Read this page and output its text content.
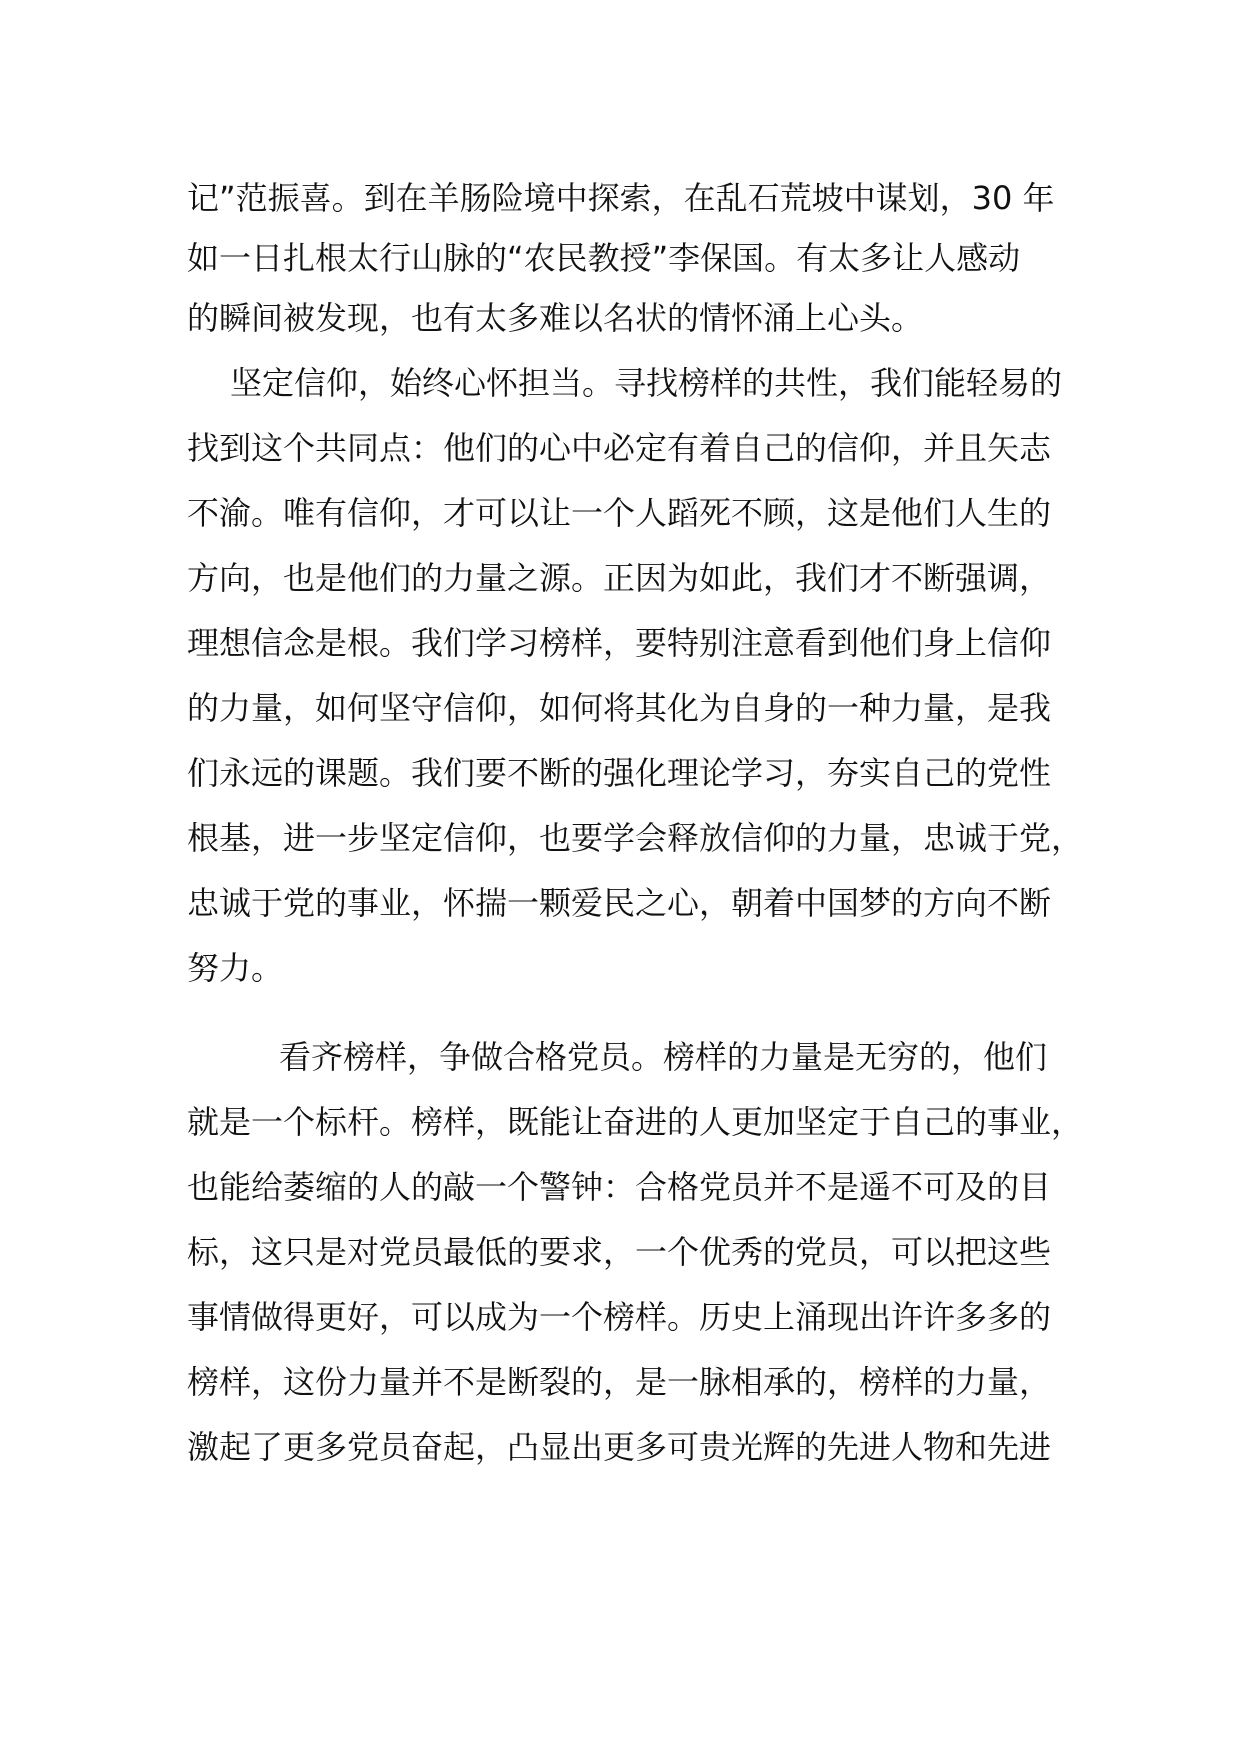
记”范振喜。到在羊肠险境中探索，在乱石荒坡中谋划，30 年
如一日扎根太行山脉的“农民教授”李保国。有太多让人感动
的瞬间被发现，也有太多难以名状的情怀涌上心头。
坚定信仰，始终心怀担当。寻找榜样的共性，我们能轻易的
找到这个共同点：他们的心中必定有着自己的信仰，并且矢志
不渝。唯有信仰，才可以让一个人蹈死不顾，这是他们人生的
方向，也是他们的力量之源。正因为如此，我们才不断强调，
理想信念是根。我们学习榜样，要特别注意看到他们身上信仰
的力量，如何坚守信仰，如何将其化为自身的一种力量，是我
们永远的课题。我们要不断的强化理论学习，夯实自己的党性
根基，进一步坚定信仰，也要学会释放信仰的力量，忠诚于党，
忠诚于党的事业，怀揣一颗爱民之心，朝着中国梦的方向不断
努力。
看齐榜样，争做合格党员。榜样的力量是无穷的，他们
就是一个标杆。榜样，既能让奋进的人更加坚定于自己的事业，
也能给萎缩的人的敲一个警钟：合格党员并不是遥不可及的目
标，这只是对党员最低的要求，一个优秀的党员，可以把这些
事情做得更好，可以成为一个榜样。历史上涌现出许许多多的
榜样，这份力量并不是断裂的，是一脉相承的，榜样的力量，
激起了更多党员奋起，凸显出更多可贵光辉的先进人物和先进
